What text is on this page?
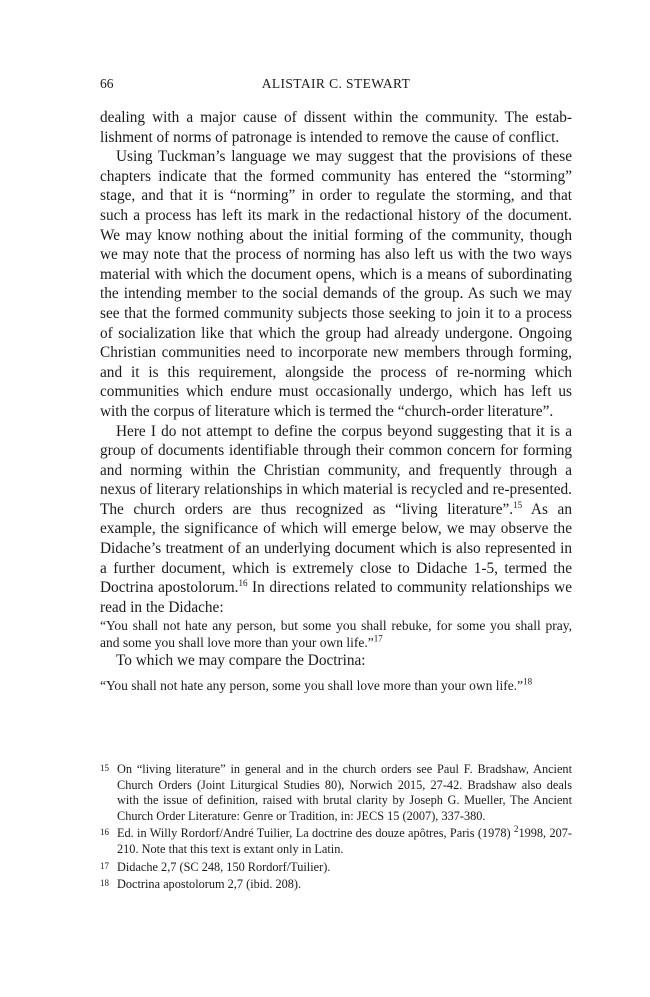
66	ALISTAIR C. STEWART

dealing with a major cause of dissent within the community. The establishment of norms of patronage is intended to remove the cause of conflict.

Using Tuckman’s language we may suggest that the provisions of these chapters indicate that the formed community has entered the “storming” stage, and that it is “norming” in order to regulate the storming, and that such a process has left its mark in the redactional history of the document. We may know nothing about the initial forming of the community, though we may note that the process of norming has also left us with the two ways material with which the document opens, which is a means of subordinating the intending member to the social demands of the group. As such we may see that the formed community subjects those seeking to join it to a process of socialization like that which the group had already undergone. Ongoing Christian communities need to incorporate new members through forming, and it is this requirement, alongside the process of re-norming which communities which endure must occasionally undergo, which has left us with the corpus of literature which is termed the “church-order literature”.

Here I do not attempt to define the corpus beyond suggesting that it is a group of documents identifiable through their common concern for forming and norming within the Christian community, and frequently through a nexus of literary relationships in which material is recycled and re-presented. The church orders are thus recognized as “living literature”.$^{15}$ As an example, the significance of which will emerge below, we may observe the Didache’s treatment of an underlying document which is also represented in a further document, which is extremely close to Didache 1-5, termed the Doctrina apostolorum.$^{16}$ In directions related to community relationships we read in the Didache:

“You shall not hate any person, but some you shall rebuke, for some you shall pray, and some you shall love more than your own life.”$^{17}$

To which we may compare the Doctrina:

“You shall not hate any person, some you shall love more than your own life.”$^{18}$

15 On “living literature” in general and in the church orders see Paul F. Bradshaw, Ancient Church Orders (Joint Liturgical Studies 80), Norwich 2015, 27-42. Bradshaw also deals with the issue of definition, raised with brutal clarity by Joseph G. Mueller, The Ancient Church Order Literature: Genre or Tradition, in: JECS 15 (2007), 337-380.

16 Ed. in Willy Rordorf/André Tuilier, La doctrine des douze apôtres, Paris (1978) $^2$1998, 207-210. Note that this text is extant only in Latin.

17 Didache 2,7 (SC 248, 150 Rordorf/Tuilier).

18 Doctrina apostolorum 2,7 (ibid. 208).
